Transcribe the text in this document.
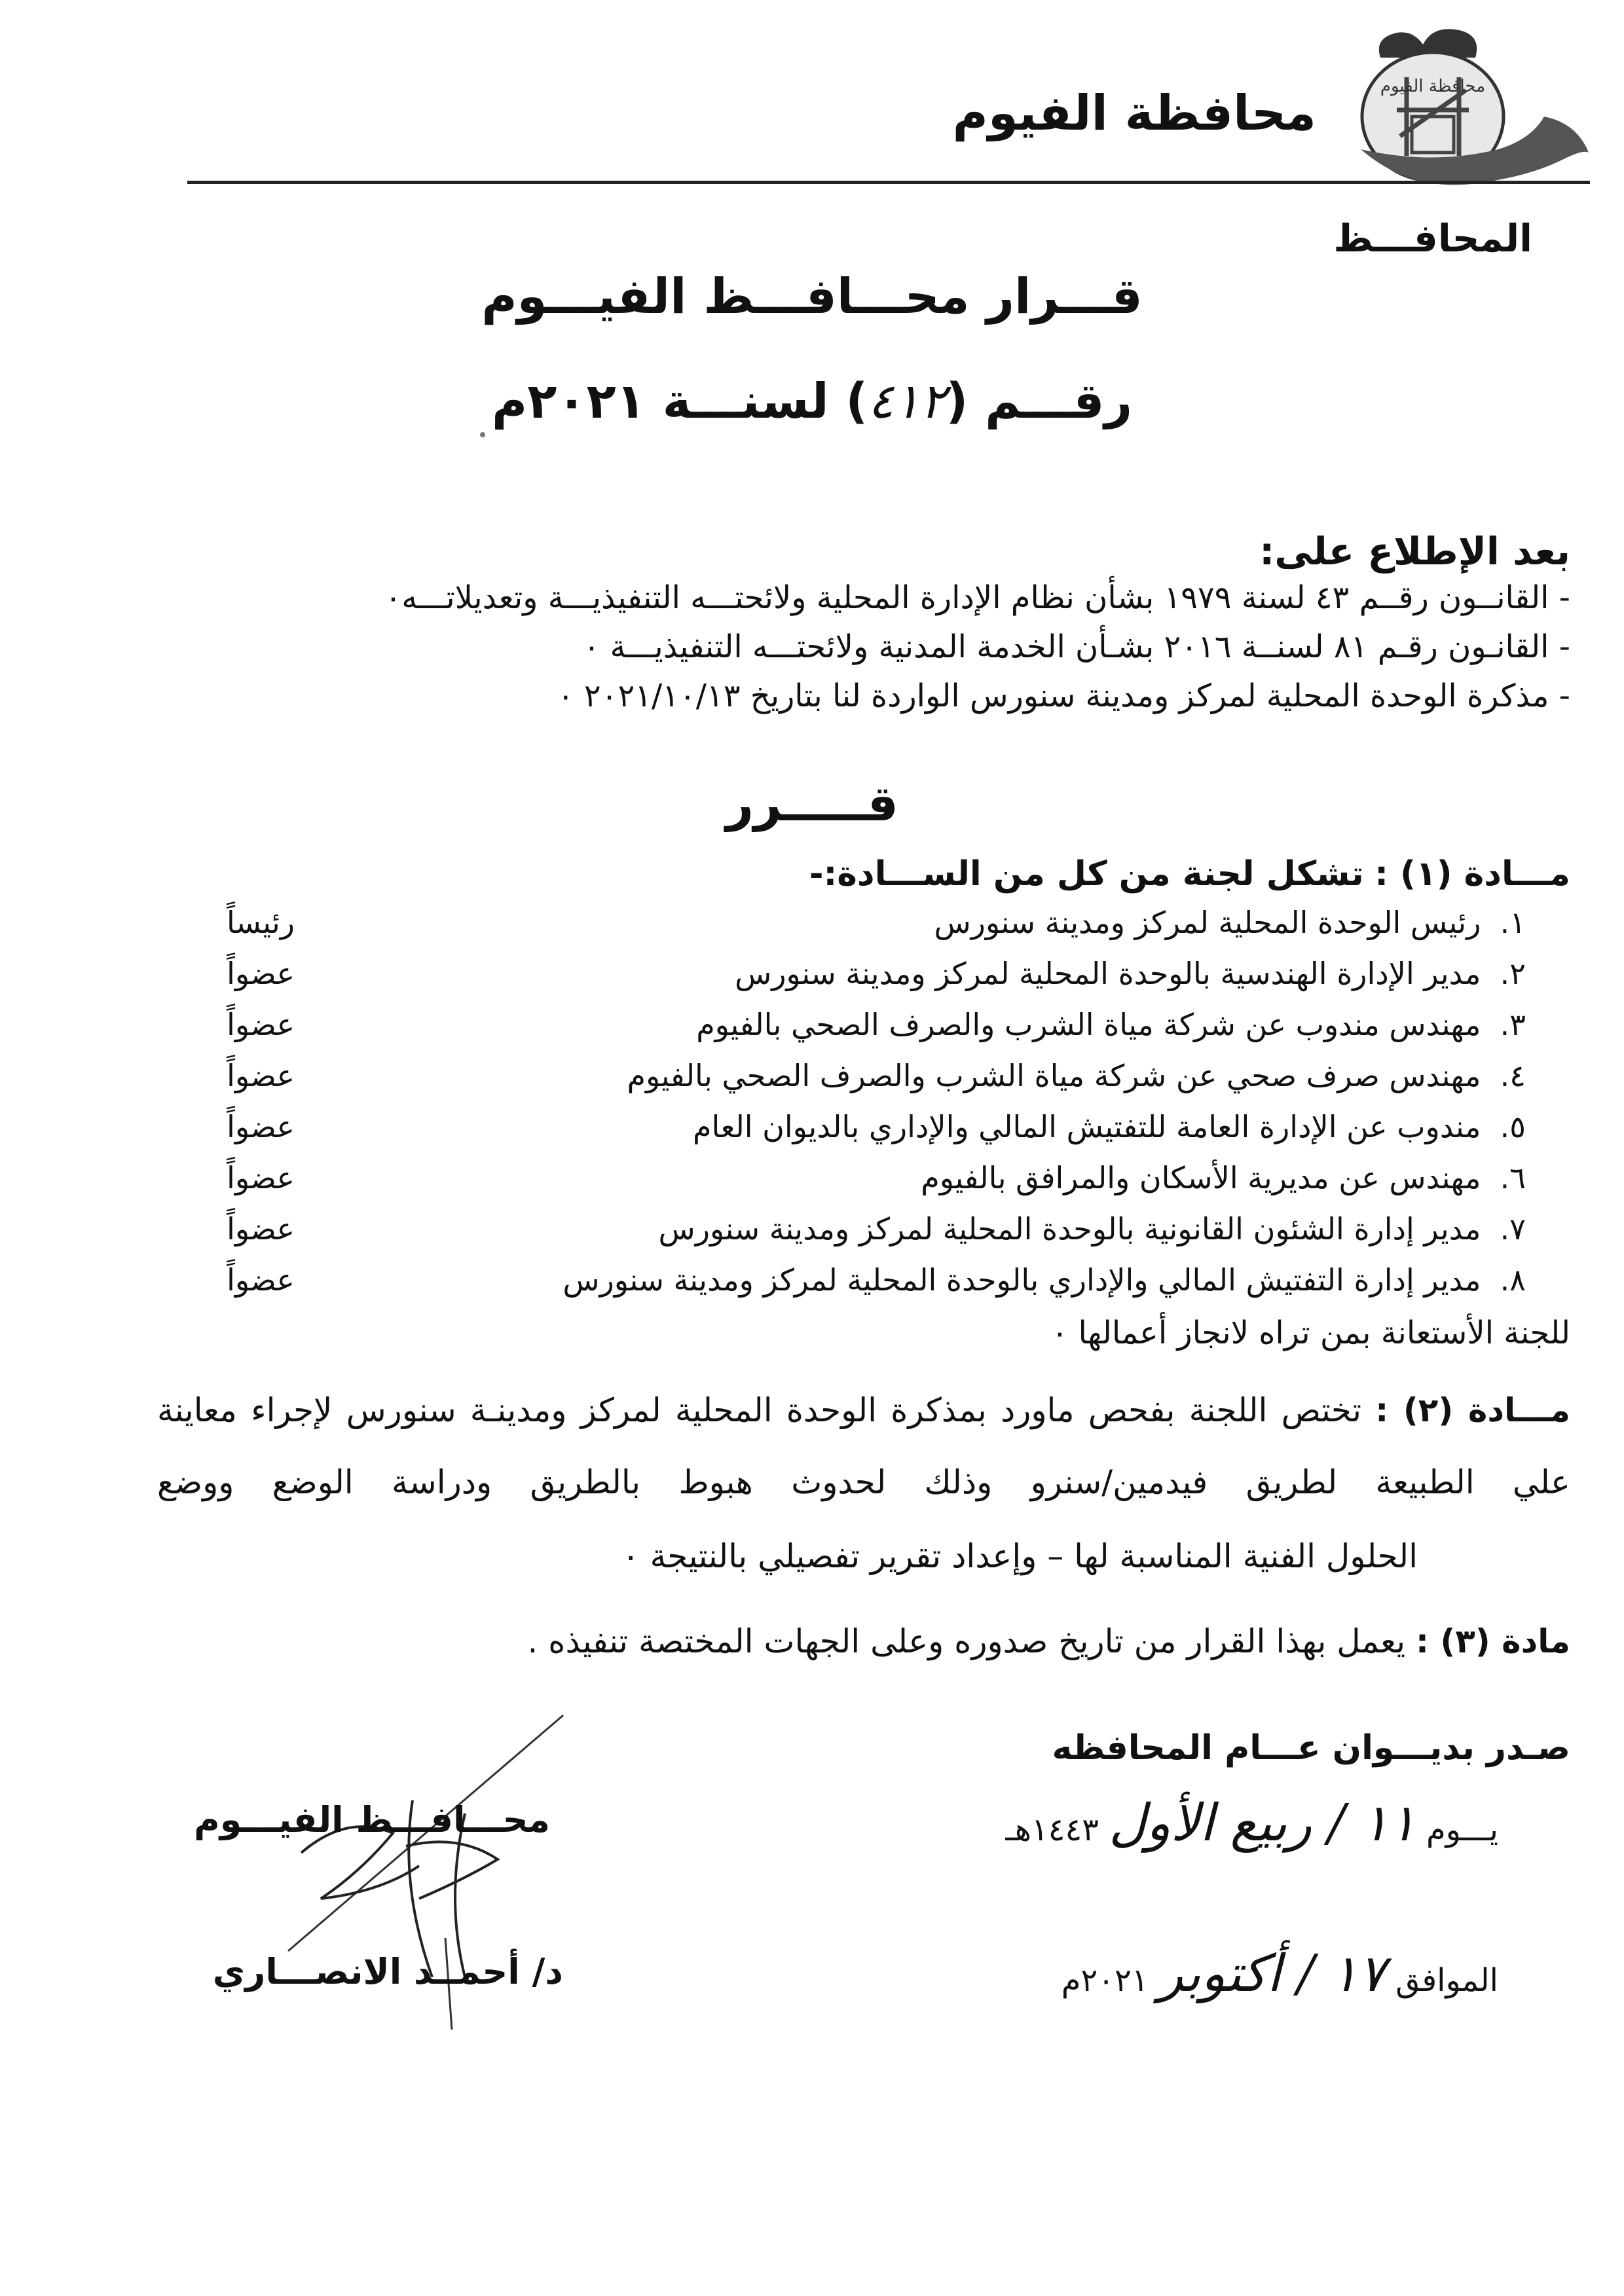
محافظة الفيوم
محافظة الفيوم
المحافـــظ
قـــرار محـــافـــظ الفيـــوم
رقـــم (٤١٢) لسنـــة ٢٠٢١م
بعد الإطلاع على:
- القانــون رقــم ٤٣ لسنة ١٩٧٩ بشأن نظام الإدارة المحلية ولائحتـــه التنفيذيـــة وتعديلاتـــه٠
- القانـون رقـم ٨١ لسنــة ٢٠١٦ بشـأن الخدمة المدنية ولائحتـــه التنفيذيـــة ٠
- مذكرة الوحدة المحلية لمركز ومدينة سنورس الواردة لنا بتاريخ ٢٠٢١/١٠/١٣ ٠
قـــــرر
مـــادة (١) : تشكل لجنة من كل من الســـادة:-
١.  رئيس الوحدة المحلية لمركز ومدينة سنورس
رئيساً
٢.  مدير الإدارة الهندسية بالوحدة المحلية لمركز ومدينة سنورس
عضواً
٣.  مهندس مندوب عن شركة مياة الشرب والصرف الصحي بالفيوم
عضواً
٤.  مهندس صرف صحي عن شركة مياة الشرب والصرف الصحي بالفيوم
عضواً
٥.  مندوب عن الإدارة العامة للتفتيش المالي والإداري بالديوان العام
عضواً
٦.  مهندس عن مديرية الأسكان والمرافق بالفيوم
عضواً
٧.  مدير إدارة الشئون القانونية بالوحدة المحلية لمركز ومدينة سنورس
عضواً
٨.  مدير إدارة التفتيش المالي والإداري بالوحدة المحلية لمركز ومدينة سنورس
عضواً
للجنة الأستعانة بمن تراه لانجاز أعمالها ٠
مـــادة (٢) : تختص اللجنة بفحص ماورد بمذكرة الوحدة المحلية لمركز ومدينـة سنورس لإجراء معاينة
علي الطبيعة لطريق فيدمين/سنرو وذلك لحدوث هبوط بالطريق ودراسة الوضع ووضع
الحلول الفنية المناسبة لها – وإعداد تقرير تفصيلي بالنتيجة ٠
مادة (٣) : يعمل بهذا القرار من تاريخ صدوره وعلى الجهات المختصة تنفيذه .
صـدر بديـــوان عـــام المحافظه
يـــوم ١١ / ربيع الأول ١٤٤٣هـ
الموافق ١٧ / أكتوبر ٢٠٢١م
محـــافـــظ الفيـــوم
د/ أحمــد الانصـــاري
